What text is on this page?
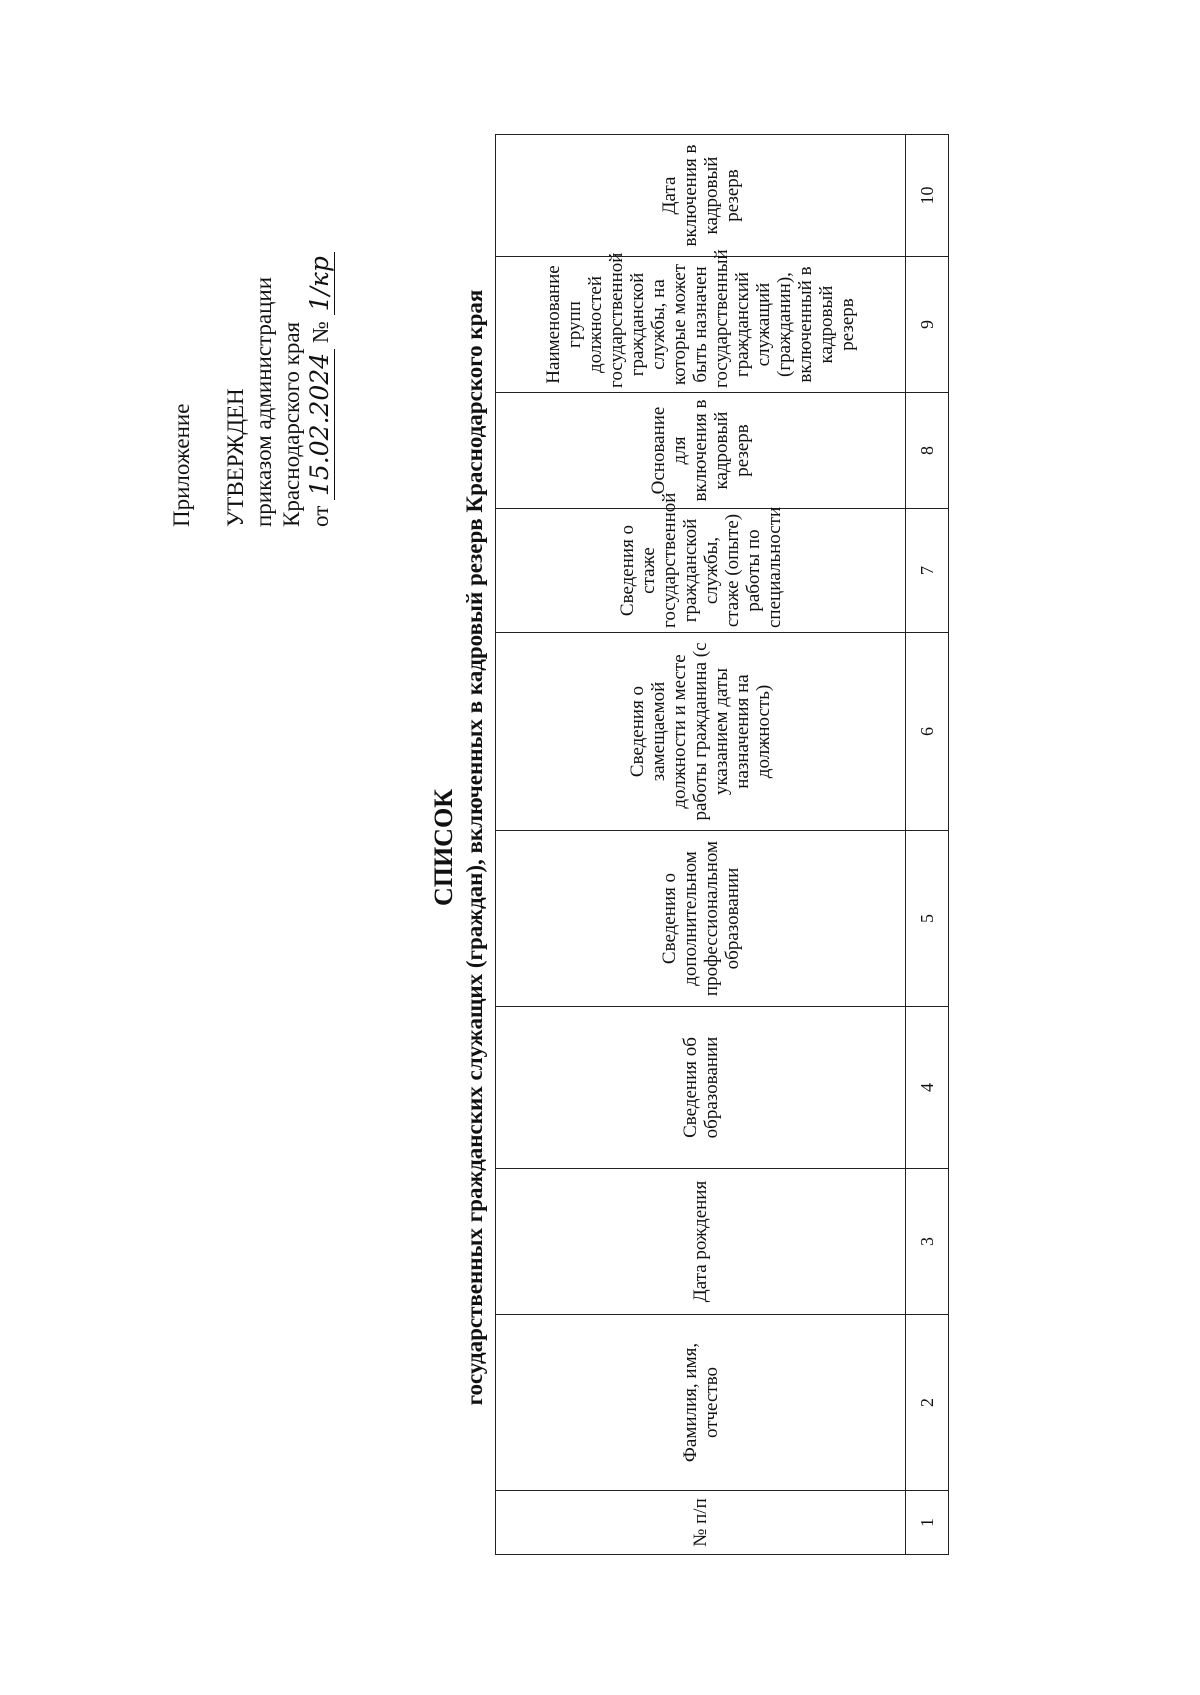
Приложение УТВЕРЖДЕН приказом администрации Краснодарского края от 15.02.2024 № 1/кр
СПИСОК государственных гражданских служащих (граждан), включенных в кадровый резерв Краснодарского края
№ п/п	Фамилия, имя, отчество	Дата рождения	Сведения об образовании	Сведения о дополнительном профессиональном образовании	Сведения о замещаемой должности и месте работы гражданина (с указанием даты назначения на должность)	Сведения о стаже государственной гражданской службы, стаже (опыте) работы по специальности	Основание для включения в кадровый резерв	Наименование групп должностей государственной гражданской службы, на которые может быть назначен государственный гражданский служащий (гражданин), включенный в кадровый резерв	Дата включения в кадровый резерв

1	2	3	4	5	6	7	8	9	10
